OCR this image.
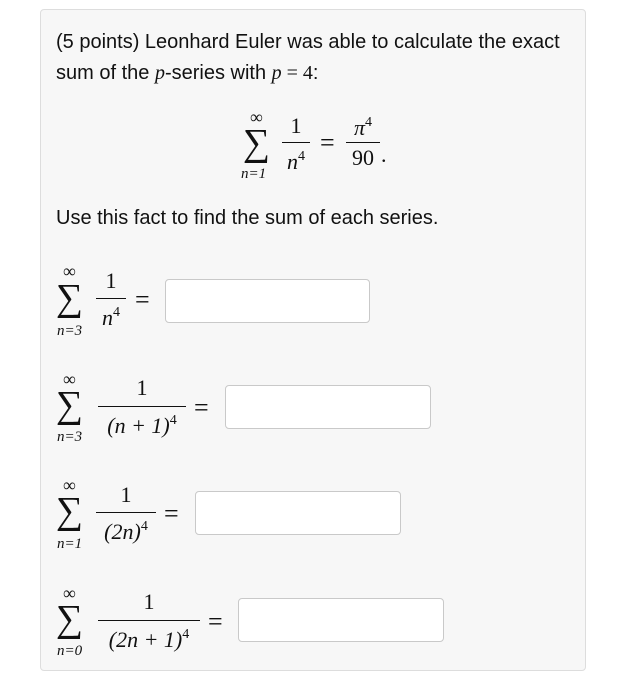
(5 points) Leonhard Euler was able to calculate the exact sum of the p-series with p = 4:

∞
∑
n=1
1
$n^4$ =
$\pi^4$
90 .

Use this fact to find the sum of each series.

∞
∑
n=3
1
$n^4$ =
∞
∑
n=3
1
$(n + 1)^4$ =
∞
∑
n=1
1
$(2n)^4$ =
∞
∑
n=0
1
$(2n + 1)^4$ =
